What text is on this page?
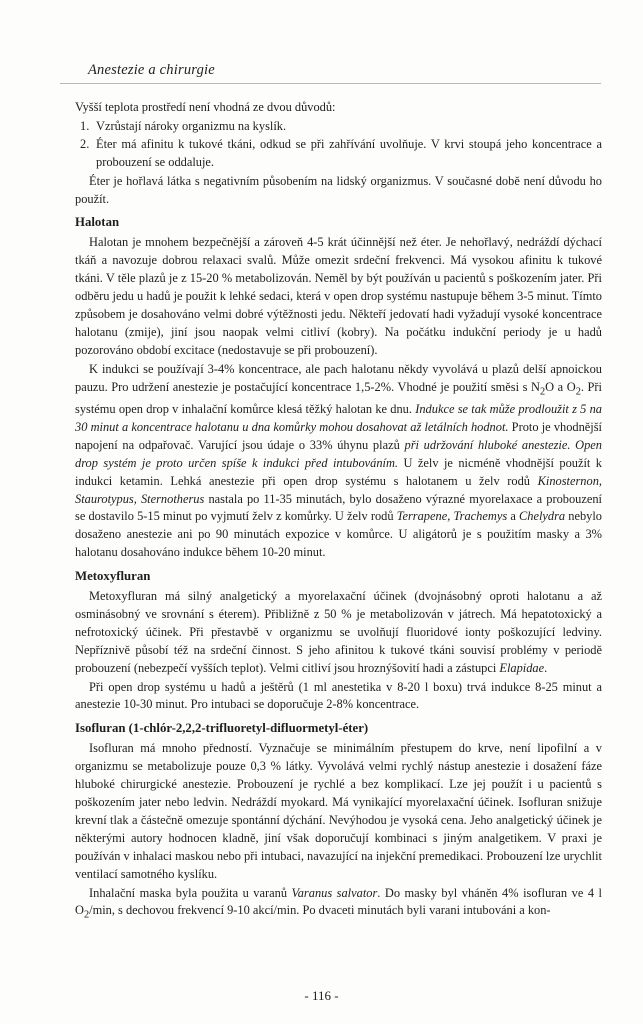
Anestezie a chirurgie

Vyšší teplota prostředí není vhodná ze dvou důvodů:

1. Vzrůstají nároky organizmu na kyslík.
2. Éter má afinitu k tukové tkáni, odkud se při zahřívání uvolňuje. V krvi stoupá jeho koncentrace a probouzení se oddaluje.

Éter je hořlavá látka s negativním působením na lidský organizmus. V současné době není důvodu ho použít.

Halotan

Halotan je mnohem bezpečnější a zároveň 4-5 krát účinnější než éter. Je nehořlavý, nedráždí dýchací tkáň a navozuje dobrou relaxaci svalů. Může omezit srdeční frekvenci. Má vysokou afinitu k tukové tkáni. V těle plazů je z 15-20 % metabolizován. Neměl by být používán u pacientů s poškozením jater. Při odběru jedu u hadů je použit k lehké sedaci, která v open drop systému nastupuje během 3-5 minut. Tímto způsobem je dosahováno velmi dobré výtěžnosti jedu. Někteří jedovatí hadi vyžadují vysoké koncentrace halotanu (zmije), jiní jsou naopak velmi citliví (kobry). Na počátku indukční periody je u hadů pozorováno období excitace (nedostavuje se při probouzení).

K indukci se používají 3-4% koncentrace, ale pach halotanu někdy vyvolává u plazů delší apnoickou pauzu. Pro udržení anestezie je postačující koncentrace 1,5-2%. Vhodné je použití směsi s $N_2O$ a $O_2$. Při systému open drop v inhalační komůrce klesá těžký halotan ke dnu. Indukce se tak může prodloužit z 5 na 30 minut a koncentrace halotanu u dna komůrky mohou dosahovat až letálních hodnot. Proto je vhodnější napojení na odpařovač. Varující jsou údaje o 33% úhynu plazů při udržování hluboké anestezie. Open drop systém je proto určen spíše k indukci před intubováním. U želv je nicméně vhodnější použít k indukci ketamin. Lehká anestezie při open drop systému s halotanem u želv rodů Kinosternon, Staurotypus, Sternotherus nastala po 11-35 minutách, bylo dosaženo výrazné myorelaxace a probouzení se dostavilo 5-15 minut po vyjmutí želv z komůrky. U želv rodů Terrapene, Trachemys a Chelydra nebylo dosaženo anestezie ani po 90 minutách expozice v komůrce. U aligátorů je s použitím masky a 3% halotanu dosahováno indukce během 10-20 minut.

Metoxyfluran

Metoxyfluran má silný analgetický a myorelaxační účinek (dvojnásobný oproti halotanu a až osminásobný ve srovnání s éterem). Přibližně z 50 % je metabolizován v játrech. Má hepatotoxický a nefrotoxický účinek. Při přestavbě v organizmu se uvolňují fluoridové ionty poškozující ledviny. Nepříznivě působí též na srdeční činnost. S jeho afinitou k tukové tkáni souvisí problémy v periodě probouzení (nebezpečí vyšších teplot). Velmi citliví jsou hroznýšovití hadi a zástupci Elapidae.

Při open drop systému u hadů a ještěrů (1 ml anestetika v 8-20 l boxu) trvá indukce 8-25 minut a anestezie 10-30 minut. Pro intubaci se doporučuje 2-8% koncentrace.

Isofluran (1-chlór-2,2,2-trifluoretyl-difluormetyl-éter)

Isofluran má mnoho předností. Vyznačuje se minimálním přestupem do krve, není lipofilní a v organizmu se metabolizuje pouze 0,3 % látky. Vyvolává velmi rychlý nástup anestezie i dosažení fáze hluboké chirurgické anestezie. Probouzení je rychlé a bez komplikací. Lze jej použít i u pacientů s poškozením jater nebo ledvin. Nedráždí myokard. Má vynikající myorelaxační účinek. Isofluran snižuje krevní tlak a částečně omezuje spontánní dýchání. Nevýhodou je vysoká cena. Jeho analgetický účinek je některými autory hodnocen kladně, jiní však doporučují kombinaci s jiným analgetikem. V praxi je používán v inhalaci maskou nebo při intubaci, navazující na injekční premedikaci. Probouzení lze urychlit ventilací samotného kyslíku.

Inhalační maska byla použita u varanů Varanus salvator. Do masky byl vháněn 4% isofluran ve 4 l $O_2/\min$, s dechovou frekvencí 9-10 akcí/min. Po dvaceti minutách byli varani intubováni a kon-

- 116 -
